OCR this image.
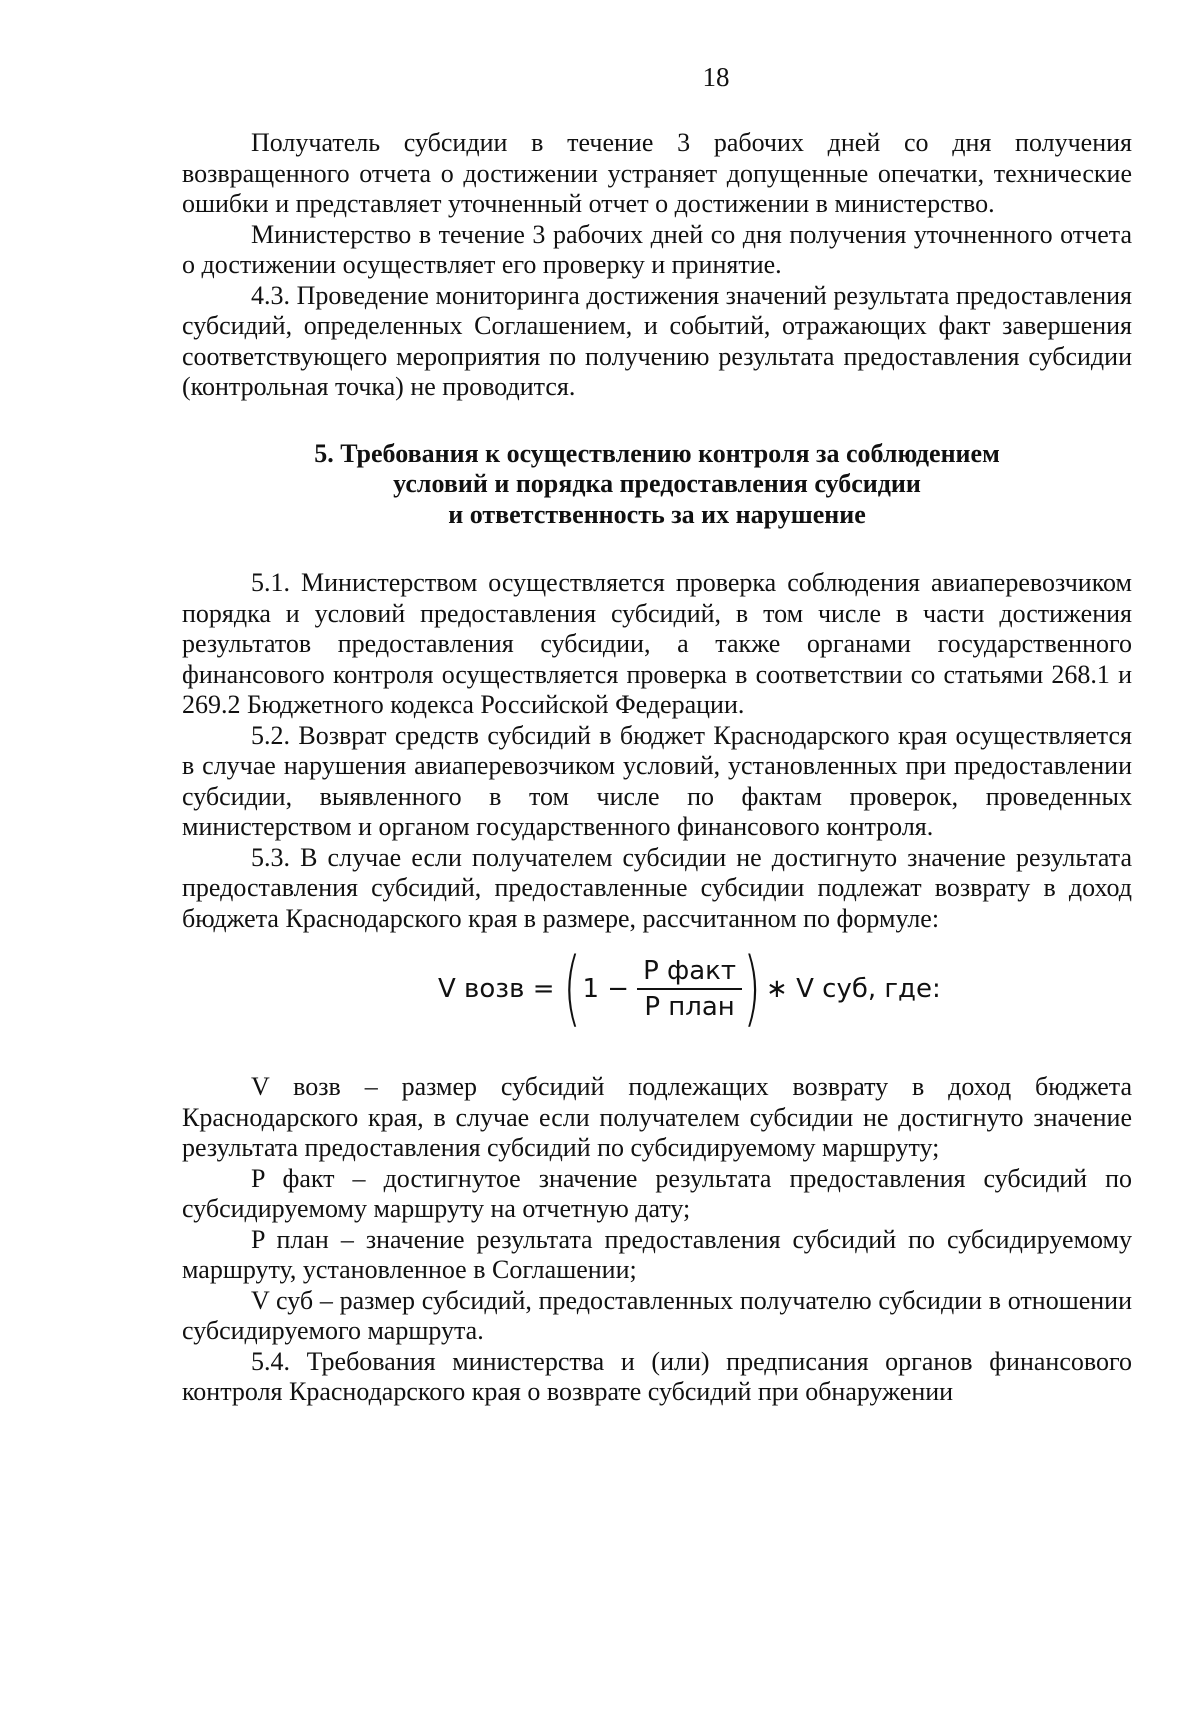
18

Получатель субсидии в течение 3 рабочих дней со дня получения возвращенного отчета о достижении устраняет допущенные опечатки, технические ошибки и представляет уточненный отчет о достижении в министерство.

Министерство в течение 3 рабочих дней со дня получения уточненного отчета о достижении осуществляет его проверку и принятие.

4.3. Проведение мониторинга достижения значений результата предоставления субсидий, определенных Соглашением, и событий, отражающих факт завершения соответствующего мероприятия по получению результата предоставления субсидии (контрольная точка) не проводится.

5. Требования к осуществлению контроля за соблюдением
условий и порядка предоставления субсидии
и ответственность за их нарушение

5.1. Министерством осуществляется проверка соблюдения авиаперевозчиком порядка и условий предоставления субсидий, в том числе в части достижения результатов предоставления субсидии, а также органами государственного финансового контроля осуществляется проверка в соответствии со статьями 268.1 и 269.2 Бюджетного кодекса Российской Федерации.

5.2. Возврат средств субсидий в бюджет Краснодарского края осуществляется в случае нарушения авиаперевозчиком условий, установленных при предоставлении субсидии, выявленного в том числе по фактам проверок, проведенных министерством и органом государственного финансового контроля.

5.3. В случае если получателем субсидии не достигнуто значение результата предоставления субсидий, предоставленные субсидии подлежат возврату в доход бюджета Краснодарского края в размере, рассчитанном по формуле:

V возв = ( $1 - \frac{\text{P факт}}{\text{P план}}$ ) ∗ V суб, где:

V возв – размер субсидий подлежащих возврату в доход бюджета Краснодарского края, в случае если получателем субсидии не достигнуто значение результата предоставления субсидий по субсидируемому маршруту;

P факт – достигнутое значение результата предоставления субсидий по субсидируемому маршруту на отчетную дату;

P план – значение результата предоставления субсидий по субсидируемому маршруту, установленное в Соглашении;

V суб – размер субсидий, предоставленных получателю субсидии в отношении субсидируемого маршрута.

5.4. Требования министерства и (или) предписания органов финансового контроля Краснодарского края о возврате субсидий при обнаружении
